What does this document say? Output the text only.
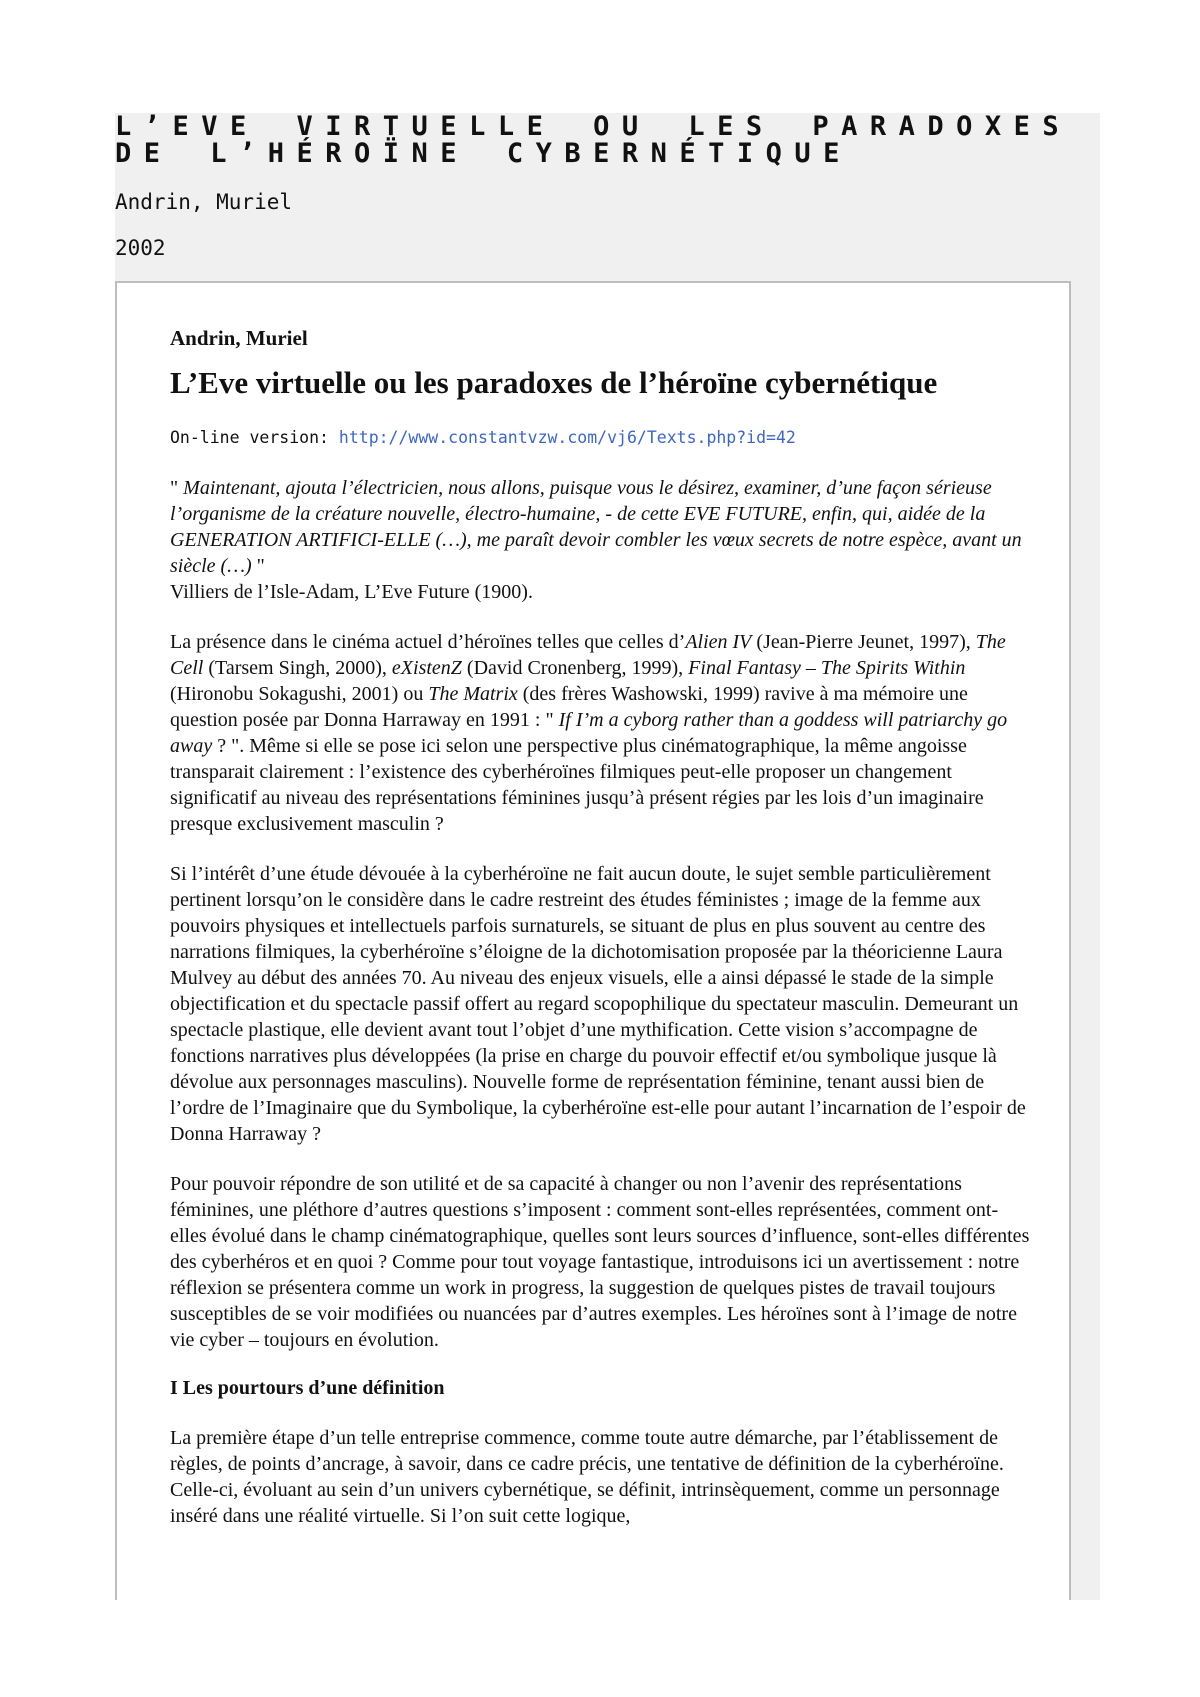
L’EVE VIRTUELLE OU LES PARADOXES DE L’HÉROÏNE CYBERNÉTIQUE

Andrin, Muriel

2002

Andrin, Muriel

L’Eve virtuelle ou les paradoxes de l’héroïne cybernétique

On-line version: http://www.constantvzw.com/vj6/Texts.php?id=42

" Maintenant, ajouta l’électricien, nous allons, puisque vous le désirez, examiner, d’une façon sérieuse l’organisme de la créature nouvelle, électro-humaine, - de cette EVE FUTURE, enfin, qui, aidée de la GENERATION ARTIFICI-ELLE (…), me paraît devoir combler les vœux secrets de notre espèce, avant un siècle (…) "
Villiers de l’Isle-Adam, L’Eve Future (1900).

La présence dans le cinéma actuel d’héroïnes telles que celles d’Alien IV (Jean-Pierre Jeunet, 1997), The Cell (Tarsem Singh, 2000), eXistenZ (David Cronenberg, 1999), Final Fantasy – The Spirits Within (Hironobu Sokagushi, 2001) ou The Matrix (des frères Washowski, 1999) ravive à ma mémoire une question posée par Donna Harraway en 1991 : " If I’m a cyborg rather than a goddess will patriarchy go away ? ". Même si elle se pose ici selon une perspective plus cinématographique, la même angoisse transparait clairement : l’existence des cyberhéroïnes filmiques peut-elle proposer un changement significatif au niveau des représentations féminines jusqu’à présent régies par les lois d’un imaginaire presque exclusivement masculin ?

Si l’intérêt d’une étude dévouée à la cyberhéroïne ne fait aucun doute, le sujet semble particulièrement pertinent lorsqu’on le considère dans le cadre restreint des études féministes ; image de la femme aux pouvoirs physiques et intellectuels parfois surnaturels, se situant de plus en plus souvent au centre des narrations filmiques, la cyberhéroïne s’éloigne de la dichotomisation proposée par la théoricienne Laura Mulvey au début des années 70. Au niveau des enjeux visuels, elle a ainsi dépassé le stade de la simple objectification et du spectacle passif offert au regard scopophilique du spectateur masculin. Demeurant un spectacle plastique, elle devient avant tout l’objet d’une mythification. Cette vision s’accompagne de fonctions narratives plus développées (la prise en charge du pouvoir effectif et/ou symbolique jusque là dévolue aux personnages masculins). Nouvelle forme de représentation féminine, tenant aussi bien de l’ordre de l’Imaginaire que du Symbolique, la cyberhéroïne est-elle pour autant l’incarnation de l’espoir de Donna Harraway ?

Pour pouvoir répondre de son utilité et de sa capacité à changer ou non l’avenir des représentations féminines, une pléthore d’autres questions s’imposent : comment sont-elles représentées, comment ont-elles évolué dans le champ cinématographique, quelles sont leurs sources d’influence, sont-elles différentes des cyberhéros et en quoi ? Comme pour tout voyage fantastique, introduisons ici un avertissement : notre réflexion se présentera comme un work in progress, la suggestion de quelques pistes de travail toujours susceptibles de se voir modifiées ou nuancées par d’autres exemples. Les héroïnes sont à l’image de notre vie cyber – toujours en évolution.

I Les pourtours d’une définition

La première étape d’un telle entreprise commence, comme toute autre démarche, par l’établissement de règles, de points d’ancrage, à savoir, dans ce cadre précis, une tentative de définition de la cyberhéroïne. Celle-ci, évoluant au sein d’un univers cybernétique, se définit, intrinsèquement, comme un personnage inséré dans une réalité virtuelle. Si l’on suit cette logique,
